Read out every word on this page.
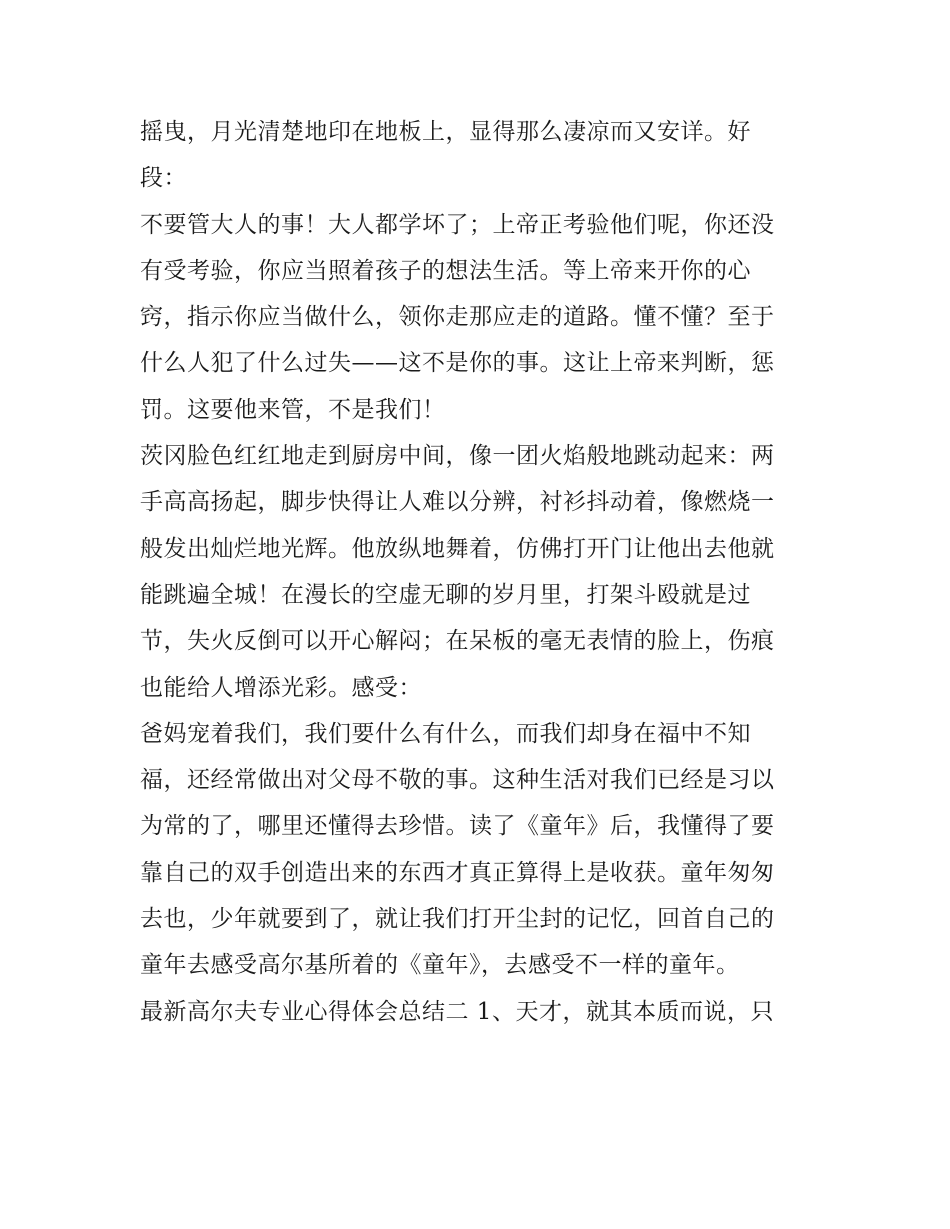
摇曳，月光清楚地印在地板上，显得那么凄凉而又安详。好
段：
不要管大人的事！大人都学坏了；上帝正考验他们呢，你还没
有受考验，你应当照着孩子的想法生活。等上帝来开你的心
窍，指示你应当做什么，领你走那应走的道路。懂不懂？至于
什么人犯了什么过失——这不是你的事。这让上帝来判断，惩
罚。这要他来管，不是我们！
茨冈脸色红红地走到厨房中间，像一团火焰般地跳动起来：两
手高高扬起，脚步快得让人难以分辨，衬衫抖动着，像燃烧一
般发出灿烂地光辉。他放纵地舞着，仿佛打开门让他出去他就
能跳遍全城！在漫长的空虚无聊的岁月里，打架斗殴就是过
节，失火反倒可以开心解闷；在呆板的毫无表情的脸上，伤痕
也能给人增添光彩。感受：
爸妈宠着我们，我们要什么有什么，而我们却身在福中不知
福，还经常做出对父母不敬的事。这种生活对我们已经是习以
为常的了，哪里还懂得去珍惜。读了《童年》后，我懂得了要
靠自己的双手创造出来的东西才真正算得上是收获。童年匆匆
去也，少年就要到了，就让我们打开尘封的记忆，回首自己的
童年去感受高尔基所着的《童年》，去感受不一样的童年。
最新高尔夫专业心得体会总结二 1、天才，就其本质而说，只
